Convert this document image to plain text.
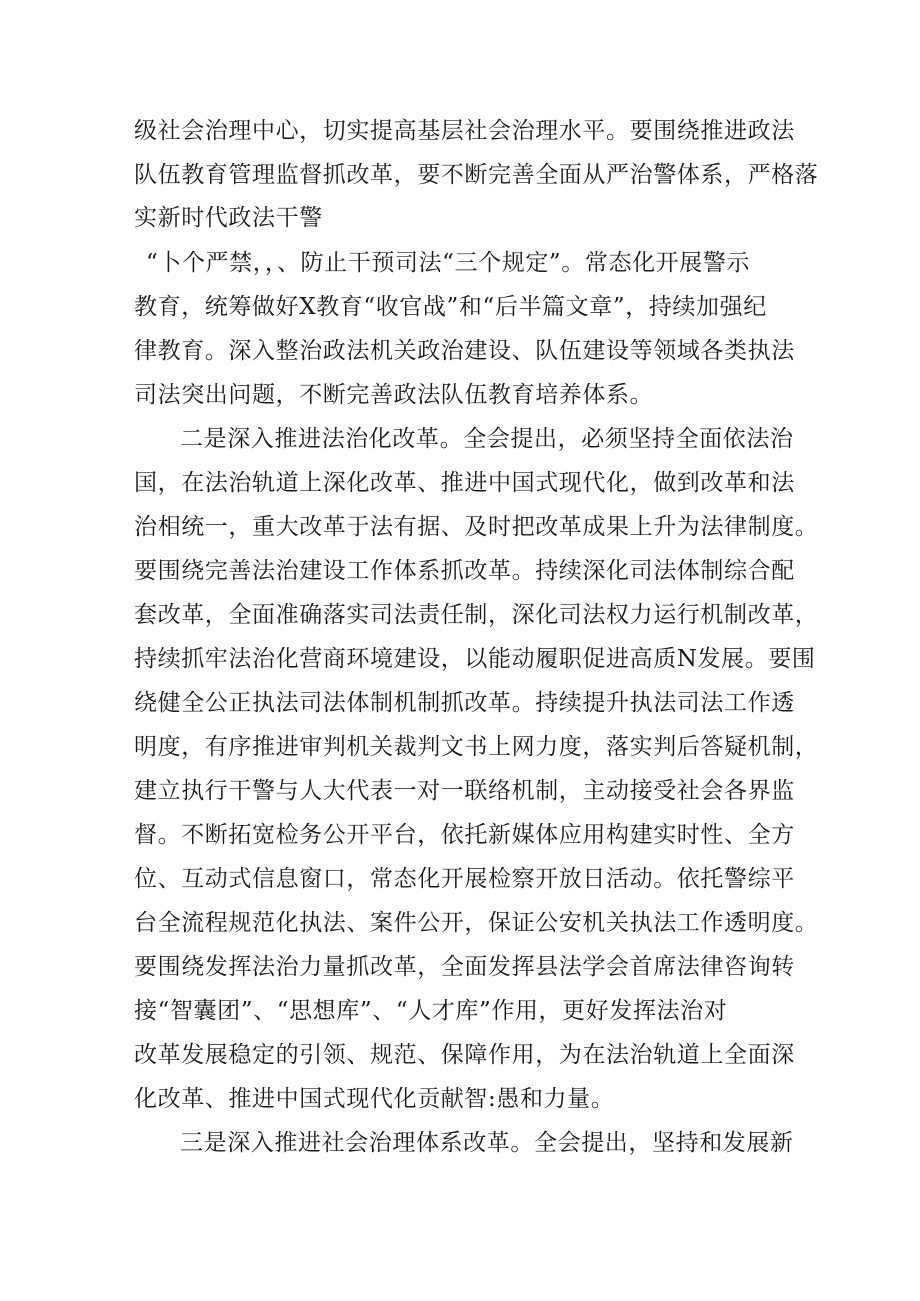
级社会治理中心，切实提高基层社会治理水平。要围绕推进政法
队伍教育管理监督抓改革，要不断完善全面从严治警体系，严格落
实新时代政法干警
“卜个严禁，，、防止干预司法“三个规定”。常态化开展警示
教育，统筹做好X教育“收官战”和“后半篇文章”，持续加强纪
律教育。深入整治政法机关政治建设、队伍建设等领域各类执法
司法突出问题，不断完善政法队伍教育培养体系。
二是深入推进法治化改革。全会提出，必须坚持全面依法治
国，在法治轨道上深化改革、推进中国式现代化，做到改革和法
治相统一，重大改革于法有据、及时把改革成果上升为法律制度。
要围绕完善法治建设工作体系抓改革。持续深化司法体制综合配
套改革，全面准确落实司法责任制，深化司法权力运行机制改革，
持续抓牢法治化营商环境建设，以能动履职促进高质N发展。要围
绕健全公正执法司法体制机制抓改革。持续提升执法司法工作透
明度，有序推进审判机关裁判文书上网力度，落实判后答疑机制，
建立执行干警与人大代表一对一联络机制，主动接受社会各界监
督。不断拓宽检务公开平台，依托新媒体应用构建实时性、全方
位、互动式信息窗口，常态化开展检察开放日活动。依托警综平
台全流程规范化执法、案件公开，保证公安机关执法工作透明度。
要围绕发挥法治力量抓改革，全面发挥县法学会首席法律咨询转
接“智囊团”、“思想库”、“人才库”作用，更好发挥法治对
改革发展稳定的引领、规范、保障作用，为在法治轨道上全面深
化改革、推进中国式现代化贡献智:愚和力量。
三是深入推进社会治理体系改革。全会提出，坚持和发展新
